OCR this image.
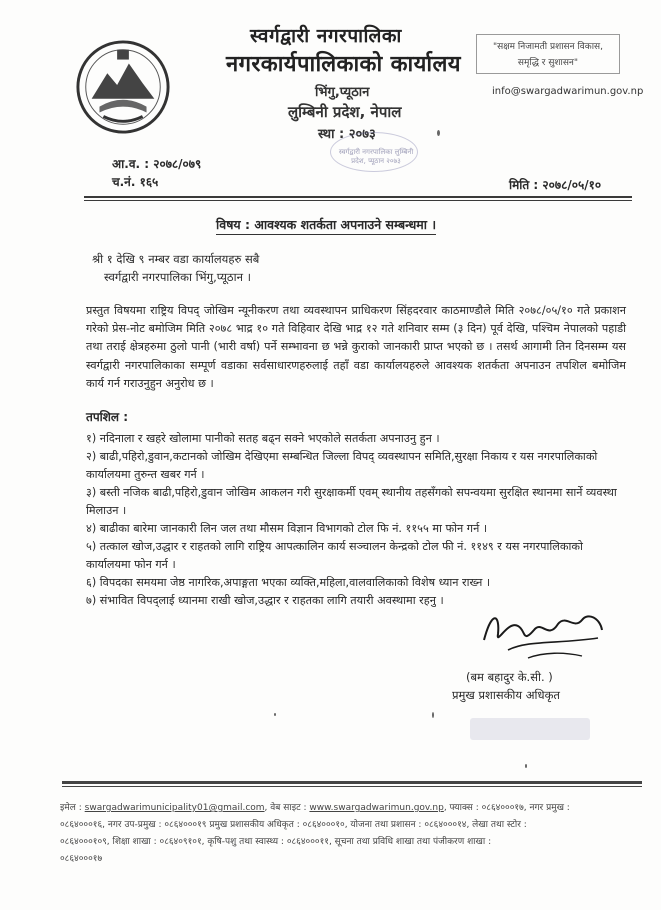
स्वर्गद्वारी नगरपालिका
नगरकार्यपालिकाको कार्यालय
भिंगु,प्यूठान
लुम्बिनी प्रदेश, नेपाल
स्था : २०७३
स्वर्गद्वारी नगरपालिका लुम्बिनी प्रदेश, प्यूठान २०७३
"सक्षम निजामती प्रशासन विकास,
समृद्धि र सुशासन"
info@swargadwarimun.gov.np
आ.व. : २०७८/०७९
च.नं. १६५	मिति : २०७८/०५/१०
विषय : आवश्यक शतर्कता अपनाउने सम्बन्धमा ।
श्री १ देखि ९ नम्बर वडा कार्यालयहरु सबै
स्वर्गद्वारी नगरपालिका भिंगु,प्यूठान ।
प्रस्तुत विषयमा राष्ट्रिय विपद् जोखिम न्यूनीकरण तथा व्यवस्थापन प्राधिकरण सिंहदरवार काठमाण्डौले मिति २०७८/०५/१० गते प्रकाशन गरेको प्रेस-नोट बमोजिम मिति २०७८ भाद्र १० गते विहिवार देखि भाद्र १२ गते शनिवार सम्म (३ दिन) पूर्व देखि, पश्चिम नेपालको पहाडी तथा तराई क्षेत्रहरुमा ठुलो पानी (भारी वर्षा) पर्ने सम्भावना छ भन्ने कुराको जानकारी प्राप्त भएको छ । तसर्थ आगामी तिन दिनसम्म यस स्वर्गद्वारी नगरपालिकाका सम्पूर्ण वडाका सर्वसाधारणहरुलाई तहाँ वडा कार्यालयहरुले आवश्यक शतर्कता अपनाउन तपशिल बमोजिम कार्य गर्न गराउनुहुन अनुरोध छ ।
तपशिल :
१) नदिनाला र खहरे खोलामा पानीको सतह बढ्न सक्ने भएकोले सतर्कता अपनाउनु हुन ।
२) बाढी,पहिरो,डुवान,कटानको जोखिम देखिएमा सम्बन्धित जिल्ला विपद् व्यवस्थापन समिति,सुरक्षा निकाय र यस नगरपालिकाको कार्यालयमा तुरुन्त खबर गर्न ।
३) बस्ती नजिक बाढी,पहिरो,डुवान जोखिम आकलन गरी सुरक्षाकर्मी एवम् स्थानीय तहसँगको सपन्वयमा सुरक्षित स्थानमा सार्ने व्यवस्था मिलाउन ।
४) बाढीका बारेमा जानकारी लिन जल तथा मौसम विज्ञान विभागको टोल फि नं. ११५५ मा फोन गर्न ।
५) तत्काल खोज,उद्धार र राहतको लागि राष्ट्रिय आपत्कालिन कार्य सञ्चालन केन्द्रको टोल फी नं. ११४९ र यस नगरपालिकाको कार्यालयमा फोन गर्न ।
६) विपदका समयमा जेष्ठ नागरिक,अपाङ्गता भएका व्यक्ति,महिला,वालवालिकाको विशेष ध्यान राख्न ।
७) संभावित विपद्लाई ध्यानमा राखी खोज,उद्धार र राहतका लागि तयारी अवस्थामा रहनु ।
(बम बहादुर के.सी. )
प्रमुख प्रशासकीय अधिकृत
इमेल : swargadwarimunicipality01@gmail.com, वेब साइट : www.swargadwarimun.gov.np, फ्याक्स : ०८६४०००१७, नगर प्रमुख :
०८६४०००१६, नगर उप-प्रमुख : ०८६४०००१९ प्रमुख प्रशासकीय अधिकृत : ०८६४०००१०, योजना तथा प्रशासन : ०८६४०००१४, लेखा तथा स्टोर :
०८६४०००१०९, शिक्षा शाखा : ०८६४०९१०१, कृषि-पशु तथा स्वास्थ्य : ०८६४०००११, सूचना तथा प्रविधि शाखा तथा पंजीकरण शाखा :
०८६४०००१७
